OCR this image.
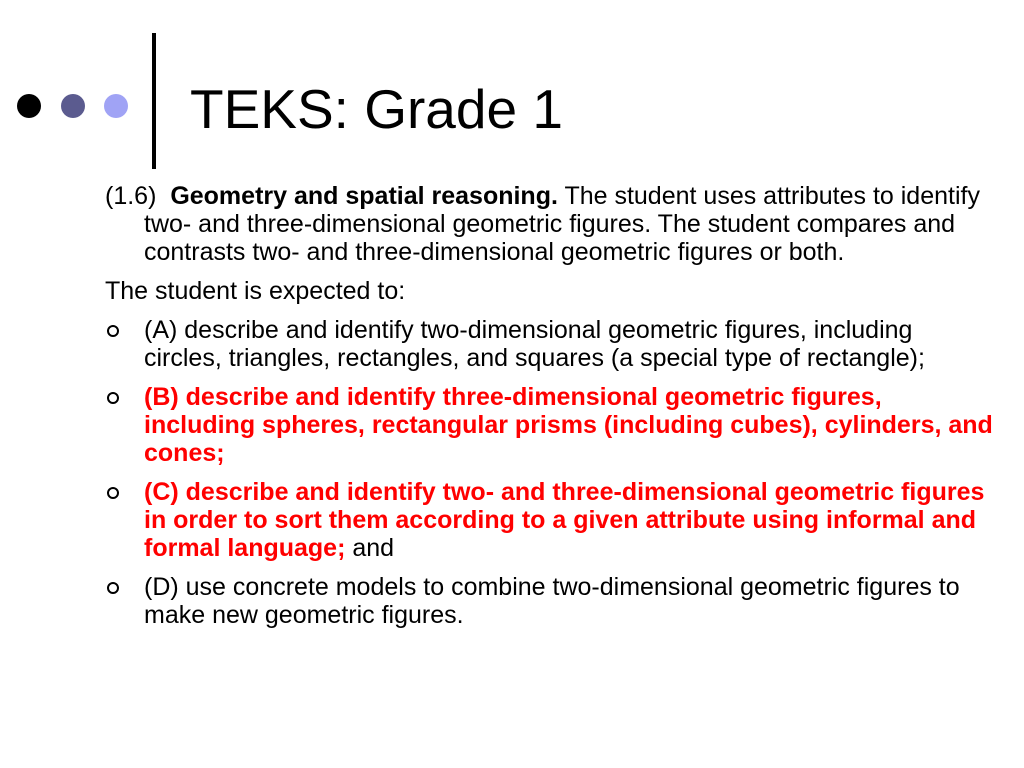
TEKS: Grade 1

(1.6) Geometry and spatial reasoning. The student uses attributes to identify two- and three-dimensional geometric figures. The student compares and contrasts two- and three-dimensional geometric figures or both.

The student is expected to:

(A) describe and identify two-dimensional geometric figures, including circles, triangles, rectangles, and squares (a special type of rectangle);
(B) describe and identify three-dimensional geometric figures, including spheres, rectangular prisms (including cubes), cylinders, and cones;
(C) describe and identify two- and three-dimensional geometric figures in order to sort them according to a given attribute using informal and formal language; and
(D) use concrete models to combine two-dimensional geometric figures to make new geometric figures.
